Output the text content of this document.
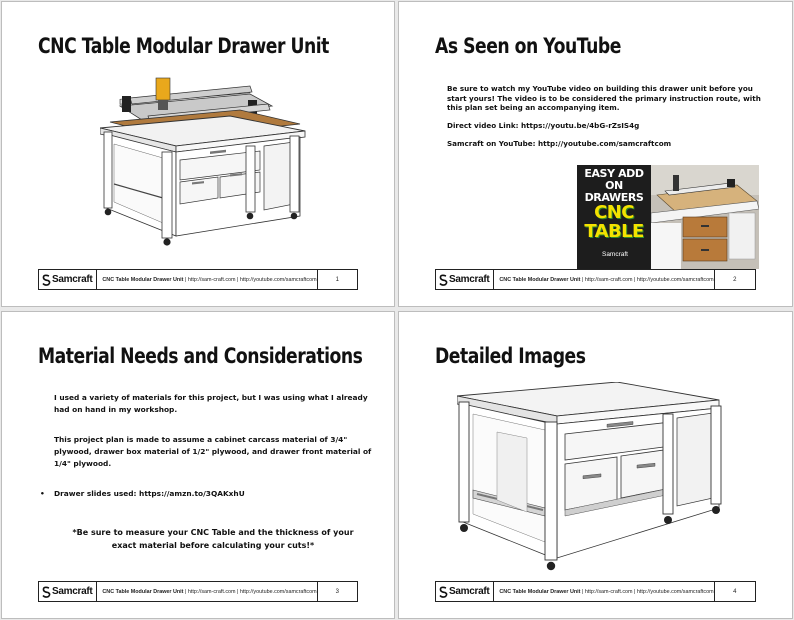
CNC Table Modular Drawer Unit
Samcraft	CNC Table Modular Drawer Unit | http://sam-craft.com | http://youtube.com/samcraftcom	1
As Seen on YouTube

Be sure to watch my YouTube video on building this drawer unit before you start yours! The video is to be considered the primary instruction route, with this plan set being an accompanying item.

Direct video Link: https://youtu.be/4bG-rZsIS4g
Samcraft on YouTube: http://youtube.com/samcraftcom
EASY ADD ON DRAWERS
CNC TABLE
Samcraft
Samcraft	CNC Table Modular Drawer Unit | http://sam-craft.com | http://youtube.com/samcraftcom	2
Material Needs and Considerations

I used a variety of materials for this project, but I was using what I already had on hand in my workshop.

This project plan is made to assume a cabinet carcass material of 3/4" plywood, drawer box material of 1/2" plywood, and drawer front material of 1/4" plywood.

•	Drawer slides used: https://amzn.to/3QAKxhU
*Be sure to measure your CNC Table and the thickness of your exact material before calculating your cuts!*
Samcraft	CNC Table Modular Drawer Unit | http://sam-craft.com | http://youtube.com/samcraftcom	3
Detailed Images
Samcraft	CNC Table Modular Drawer Unit | http://sam-craft.com | http://youtube.com/samcraftcom	4
